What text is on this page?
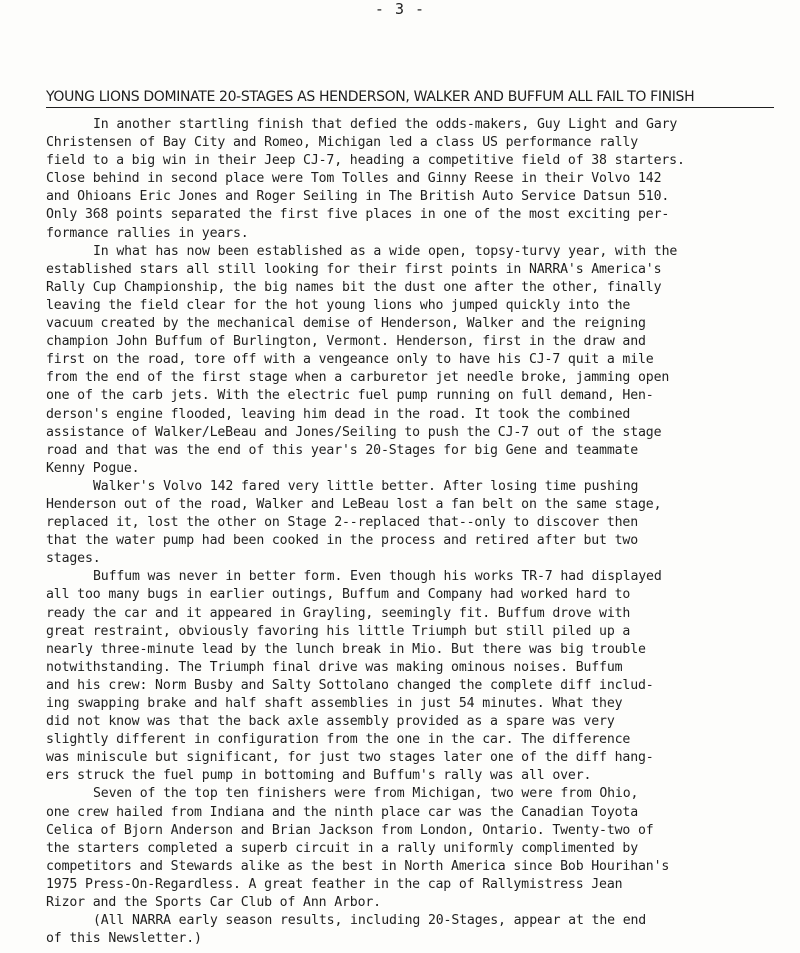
- 3 -
YOUNG LIONS DOMINATE 20-STAGES AS HENDERSON, WALKER AND BUFFUM ALL FAIL TO FINISH
In another startling finish that defied the odds-makers, Guy Light and Gary
Christensen of Bay City and Romeo, Michigan led a class US performance rally
field to a big win in their Jeep CJ-7, heading a competitive field of 38 starters.
Close behind in second place were Tom Tolles and Ginny Reese in their Volvo 142
and Ohioans Eric Jones and Roger Seiling in The British Auto Service Datsun 510.
Only 368 points separated the first five places in one of the most exciting per-
formance rallies in years.
In what has now been established as a wide open, topsy-turvy year, with the
established stars all still looking for their first points in NARRA's America's
Rally Cup Championship, the big names bit the dust one after the other, finally
leaving the field clear for the hot young lions who jumped quickly into the
vacuum created by the mechanical demise of Henderson, Walker and the reigning
champion John Buffum of Burlington, Vermont. Henderson, first in the draw and
first on the road, tore off with a vengeance only to have his CJ-7 quit a mile
from the end of the first stage when a carburetor jet needle broke, jamming open
one of the carb jets. With the electric fuel pump running on full demand, Hen-
derson's engine flooded, leaving him dead in the road. It took the combined
assistance of Walker/LeBeau and Jones/Seiling to push the CJ-7 out of the stage
road and that was the end of this year's 20-Stages for big Gene and teammate
Kenny Pogue.
Walker's Volvo 142 fared very little better. After losing time pushing
Henderson out of the road, Walker and LeBeau lost a fan belt on the same stage,
replaced it, lost the other on Stage 2--replaced that--only to discover then
that the water pump had been cooked in the process and retired after but two
stages.
Buffum was never in better form. Even though his works TR-7 had displayed
all too many bugs in earlier outings, Buffum and Company had worked hard to
ready the car and it appeared in Grayling, seemingly fit. Buffum drove with
great restraint, obviously favoring his little Triumph but still piled up a
nearly three-minute lead by the lunch break in Mio. But there was big trouble
notwithstanding. The Triumph final drive was making ominous noises. Buffum
and his crew: Norm Busby and Salty Sottolano changed the complete diff includ-
ing swapping brake and half shaft assemblies in just 54 minutes. What they
did not know was that the back axle assembly provided as a spare was very
slightly different in configuration from the one in the car. The difference
was miniscule but significant, for just two stages later one of the diff hang-
ers struck the fuel pump in bottoming and Buffum's rally was all over.
Seven of the top ten finishers were from Michigan, two were from Ohio,
one crew hailed from Indiana and the ninth place car was the Canadian Toyota
Celica of Bjorn Anderson and Brian Jackson from London, Ontario. Twenty-two of
the starters completed a superb circuit in a rally uniformly complimented by
competitors and Stewards alike as the best in North America since Bob Hourihan's
1975 Press-On-Regardless. A great feather in the cap of Rallymistress Jean
Rizor and the Sports Car Club of Ann Arbor.
(All NARRA early season results, including 20-Stages, appear at the end
of this Newsletter.)
